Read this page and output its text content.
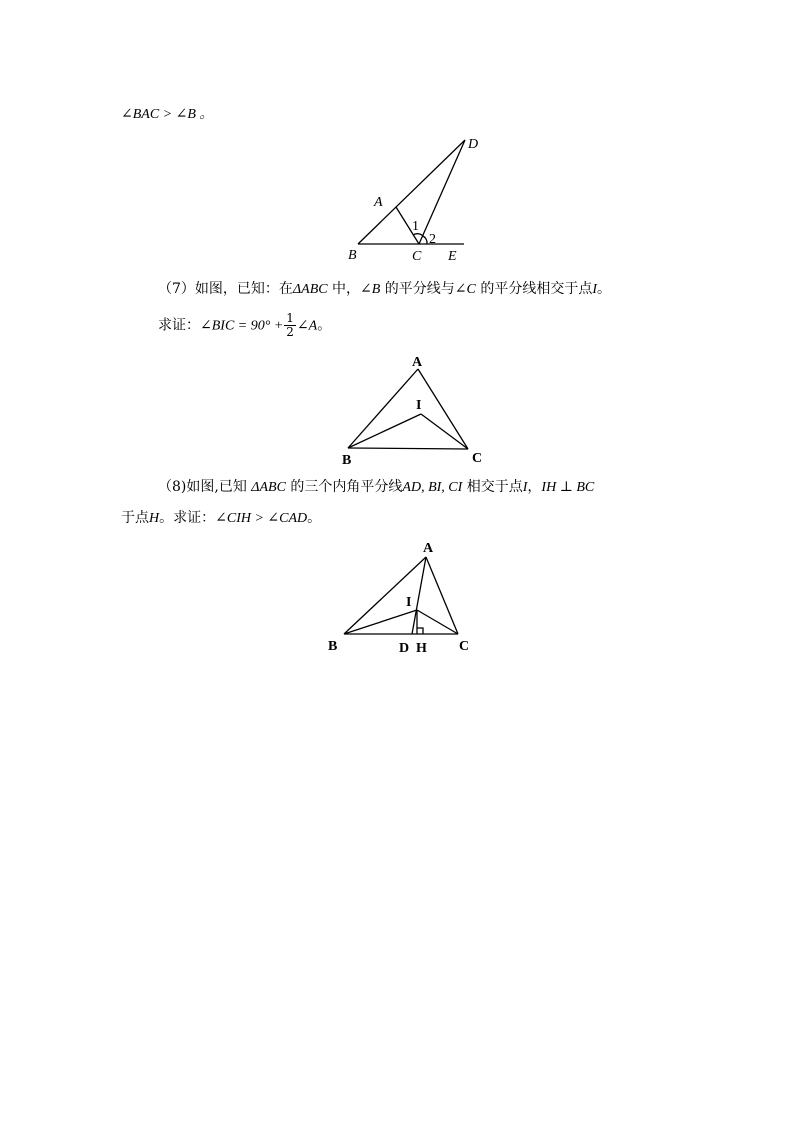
∠BAC > ∠B 。
D
A
1
2
B	C E
（7）如图，已知：在ΔABC 中，∠B 的平分线与∠C 的平分线相交于点I。
求证：∠BIC = $90^\circ + \frac{1}{2}$ ∠A。
A
I
B	C
（8)如图,已知 ΔABC 的三个内角平分线AD, BI, CI 相交于点I，IH ⊥ BC
于点H。求证：∠CIH > ∠CAD。
A
I
B	D H C
